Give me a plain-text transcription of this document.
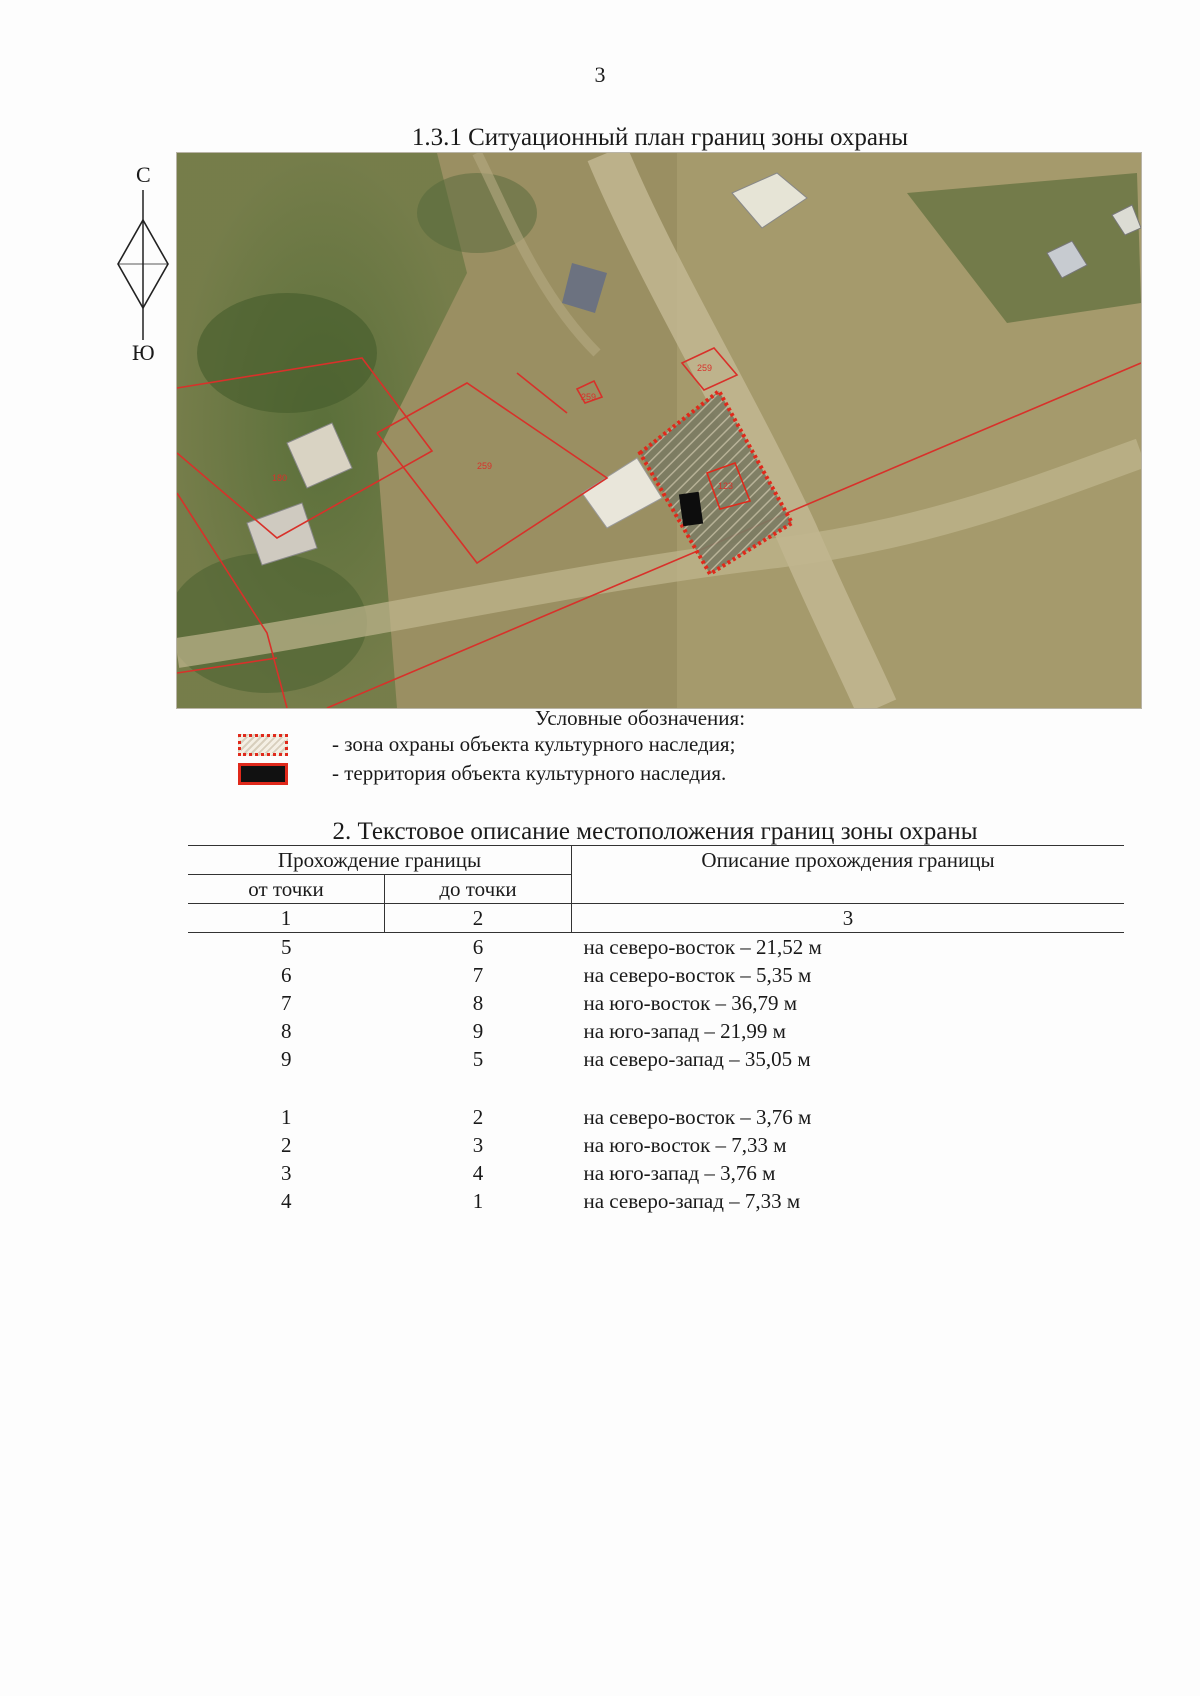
3
1.3.1 Ситуационный план границ зоны охраны
С
Ю
259
180
259
259
123
Условные обозначения:
- зона охраны объекта культурного наследия;
- территория объекта культурного наследия.
2. Текстовое описание местоположения границ зоны охраны
Прохождение границы		Описание прохождения границы
от точки	до точки	
1	2	3
5	6	на северо-восток – 21,52 м
6	7	на северо-восток – 5,35 м
7	8	на юго-восток – 36,79 м
8	9	на юго-запад – 21,99 м
9	5	на северо-запад – 35,05 м

1	2	на северо-восток – 3,76 м
2	3	на юго-восток – 7,33 м
3	4	на юго-запад – 3,76 м
4	1	на северо-запад – 7,33 м
